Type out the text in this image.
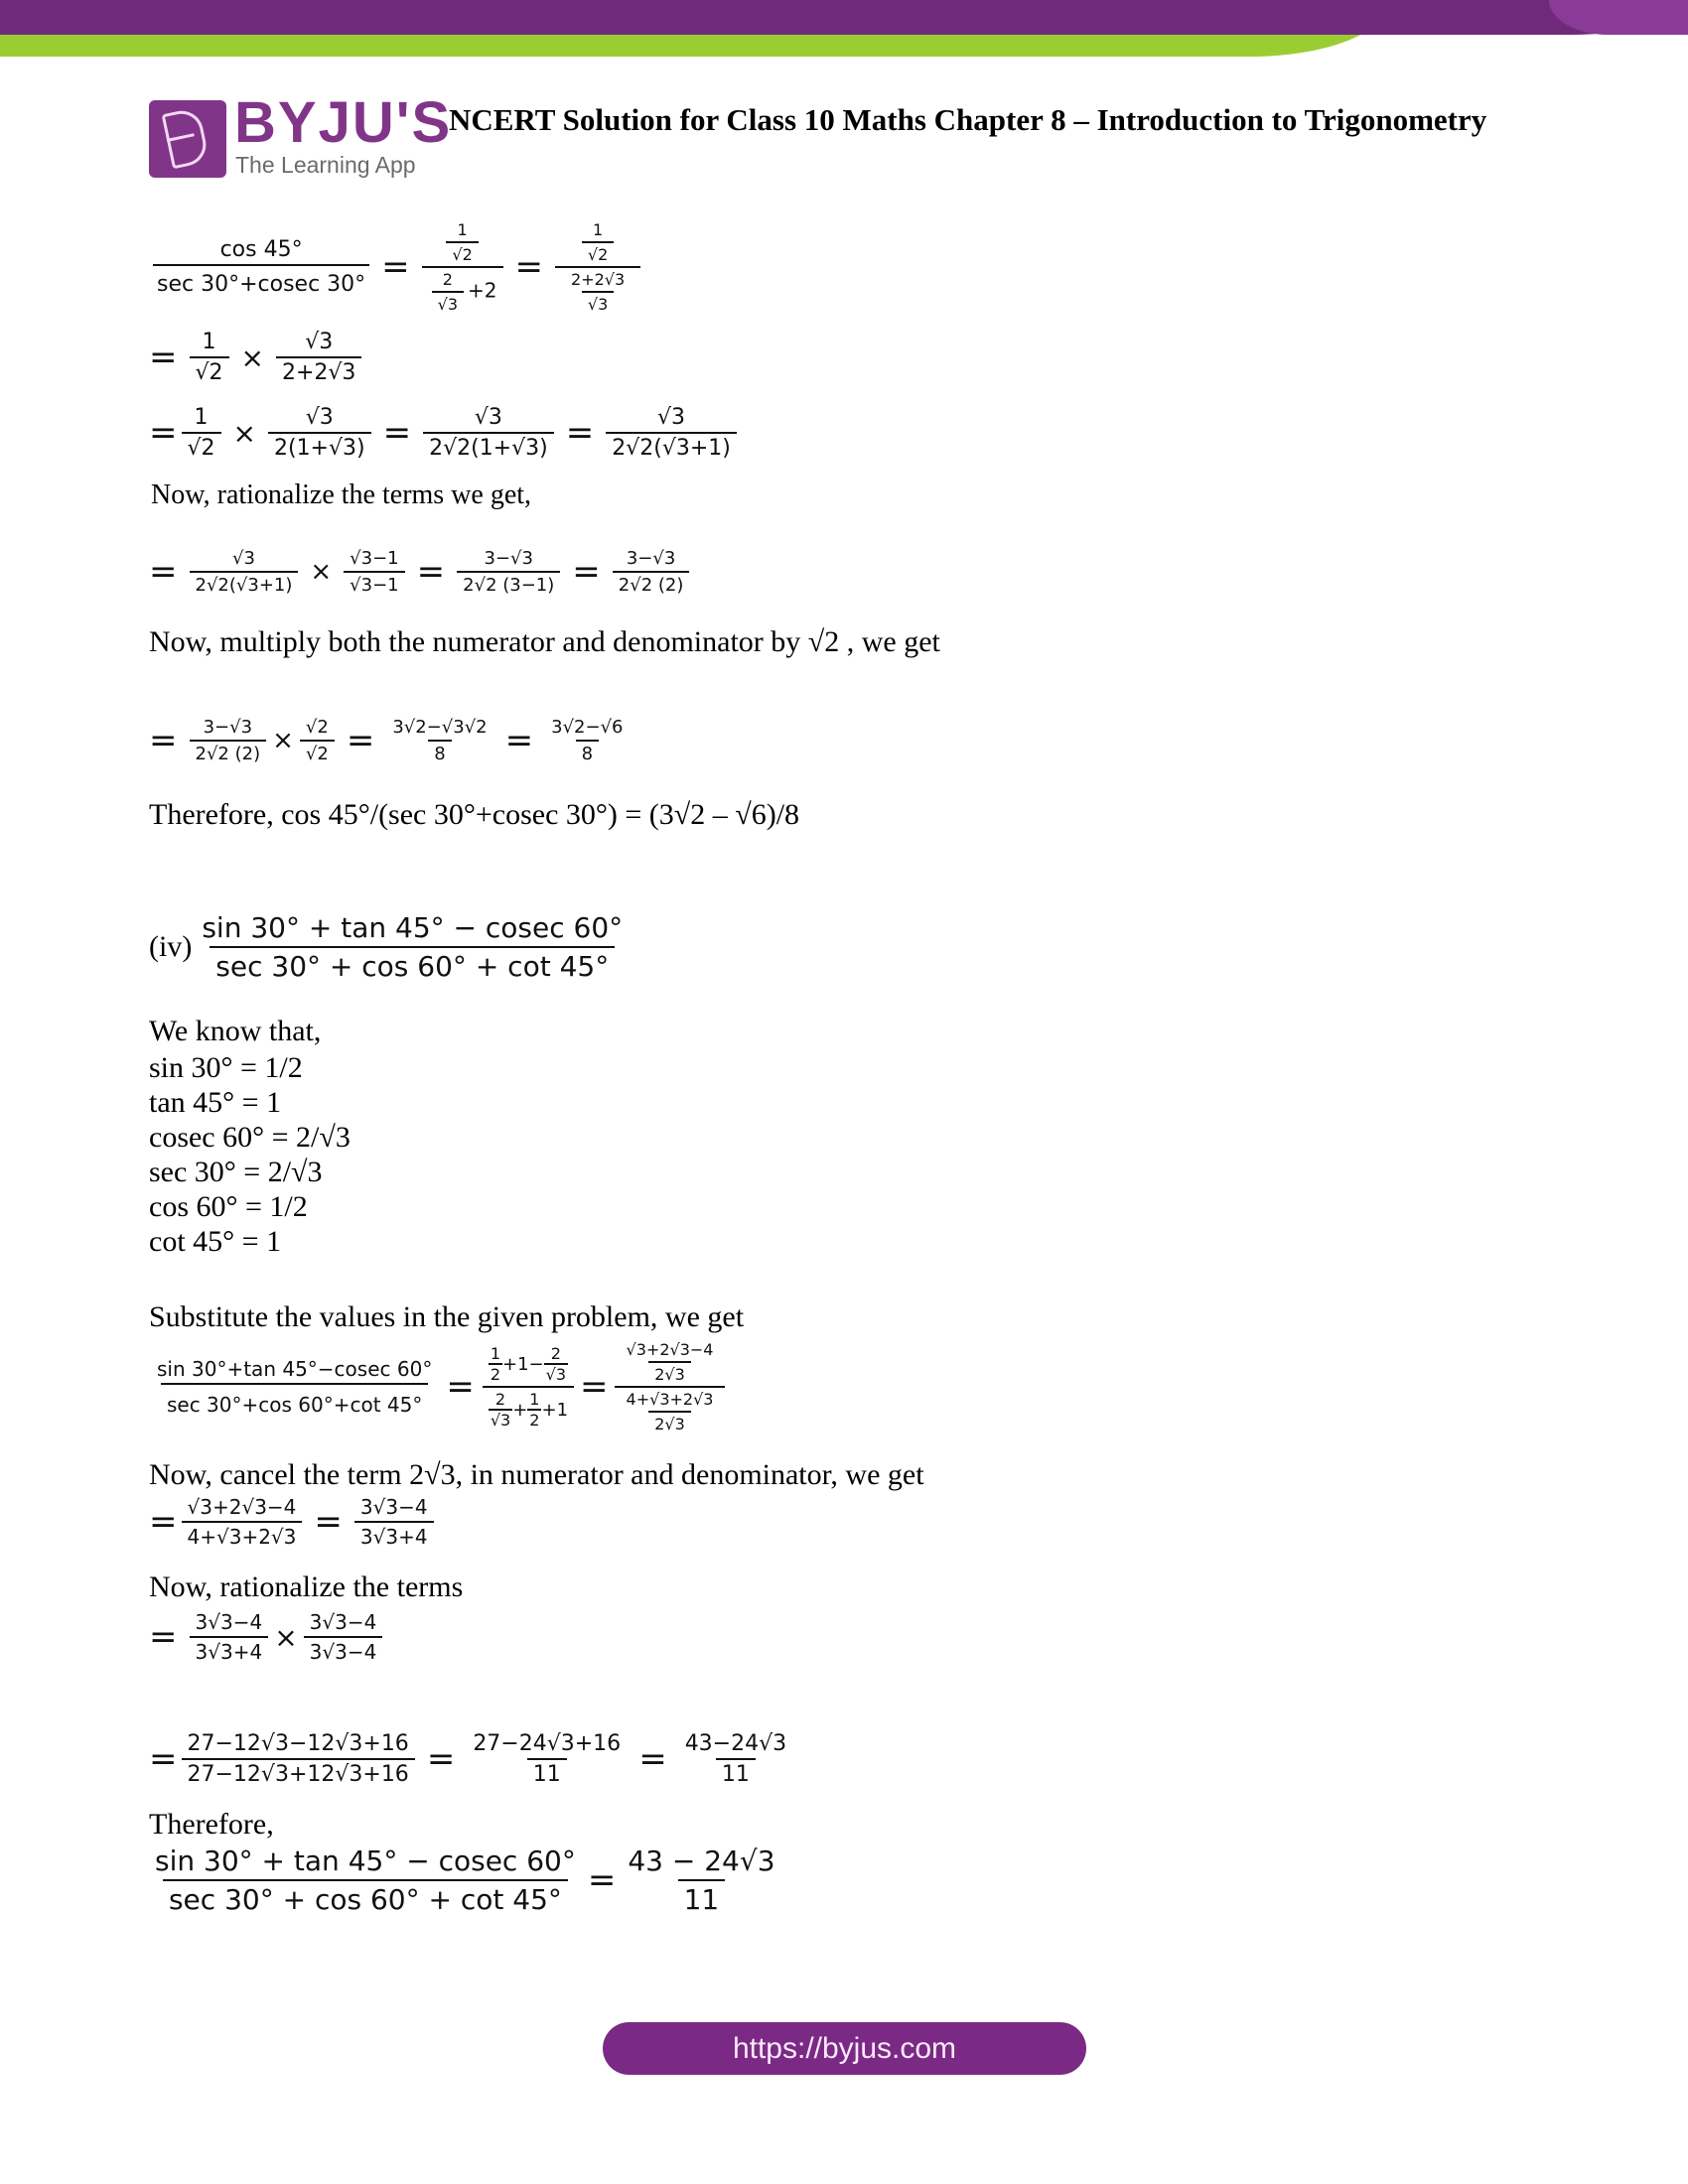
BYJU'S
The Learning App
NCERT Solution for Class 10 Maths Chapter 8 – Introduction to Trigonometry
$\frac{\cos 45^\circ}{\sec 30^\circ+cosec 30^\circ} = \frac{\frac{1}{√2}}{\frac{2}{√3} +2} = \frac{\frac{1}{√2}}{\frac{2+2√3}{√3}}$
= $\frac{1}{√2} \times \frac{√3}{2+2√3}$
= $\frac{1}{√2} \times \frac{√3}{2(1+√3)} = \frac{√3}{2√2(1+√3)} = \frac{√3}{2√2(√3+1)}$
Now, rationalize the terms we get,
= $\frac{√3}{2√2(√3+1)} \times \frac{√3-1}{√3-1} = \frac{3-√3}{2√2 (3-1)} = \frac{3-√3}{2√2 (2)}$
Now, multiply both the numerator and denominator by √2 , we get
= $\frac{3-√3}{2√2 (2)} \times \frac{√2}{√2} = \frac{3√2-√3√2}{8} = \frac{3√2-√6}{8}$
Therefore, cos 45°/(sec 30°+cosec 30°) = (3√2 – √6)/8
$(iv) \frac{\sin 30^\circ + \tan 45^\circ - cosec 60^\circ}{\sec 30^\circ + \cos 60^\circ + \cot 45^\circ}$
We know that,
sin 30° = 1/2
tan 45° = 1
cosec 60° = 2/√3
sec 30° = 2/√3
cos 60° = 1/2
cot 45° = 1
Substitute the values in the given problem, we get
$\frac{\sin 30^\circ+\tan 45^\circ-cosec 60^\circ}{\sec 30^\circ+\cos 60^\circ+\cot 45^\circ} = \frac{\frac{1}{2} +1- \frac{2}{√3}}{\frac{2}{√3} + \frac{1}{2} +1} = \frac{\frac{√3+2√3-4}{2√3}}{\frac{4+√3+2√3}{2√3}}$
Now, cancel the term 2√3, in numerator and denominator, we get
= $\frac{√3+2√3-4}{4+√3+2√3} = \frac{3√3-4}{3√3+4}$
Now, rationalize the terms
= $\frac{3√3-4}{3√3+4} \times \frac{3√3-4}{3√3-4}$
= $\frac{27-12√3-12√3+16}{27-12√3+12√3+16} = \frac{27-24√3+16}{11} = \frac{43-24√3}{11}$
Therefore,
$\frac{\sin 30^\circ + \tan 45^\circ - cosec 60^\circ}{\sec 30^\circ + \cos 60^\circ + \cot 45^\circ} = \frac{43 - 24√3}{11}$
https://byjus.com
